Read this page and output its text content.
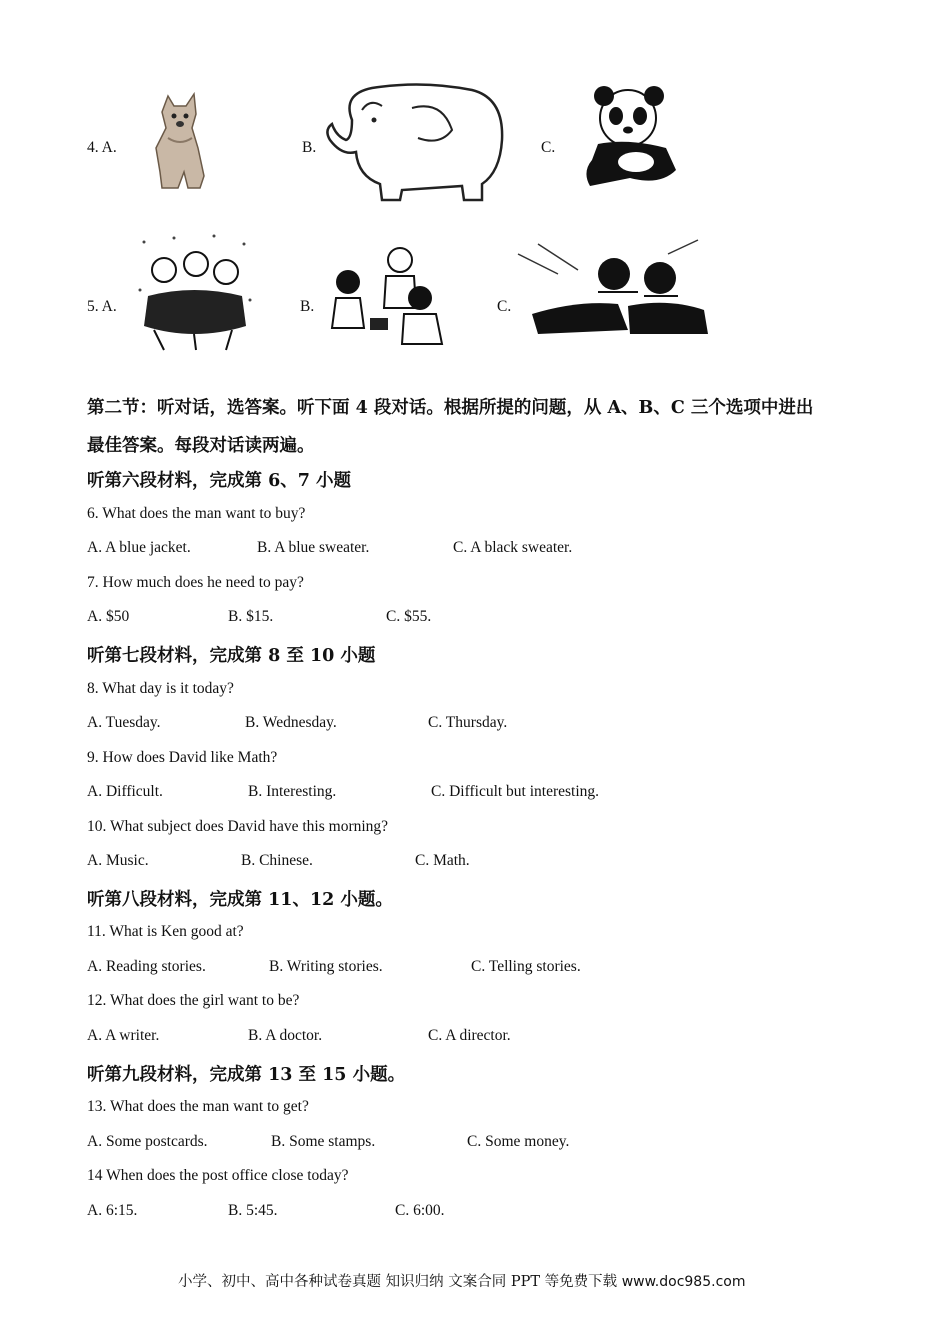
4. A.	B.	C.
5. A.	B.	C.
第二节：听对话，选答案。听下面 4 段对话。根据所提的问题，从 A、B、C 三个选项中进出
最佳答案。每段对话读两遍。
听第六段材料，完成第 6、7 小题
6. What does the man want to buy?
A. A blue jacket.	B. A blue sweater.	C. A black sweater.
7. How much does he need to pay?
A. $50	B. $15.	C. $55.
听第七段材料，完成第 8 至 10 小题
8. What day is it today?
A. Tuesday.	B. Wednesday.	C. Thursday.
9. How does David like Math?
A. Difficult.	B. Interesting.	C. Difficult but interesting.
10. What subject does David have this morning?
A. Music.	B. Chinese.	C. Math.
听第八段材料，完成第 11、12 小题。
11. What is Ken good at?
A. Reading stories.	B. Writing stories.	C. Telling stories.
12. What does the girl want to be?
A. A writer.	B. A doctor.	C. A director.
听第九段材料，完成第 13 至 15 小题。
13. What does the man want to get?
A. Some postcards.	B. Some stamps.	C. Some money.
14 When does the post office close today?
A. 6:15.	B. 5:45.	C. 6:00.
小学、初中、高中各种试卷真题 知识归纳 文案合同 PPT 等免费下载 www.doc985.com
